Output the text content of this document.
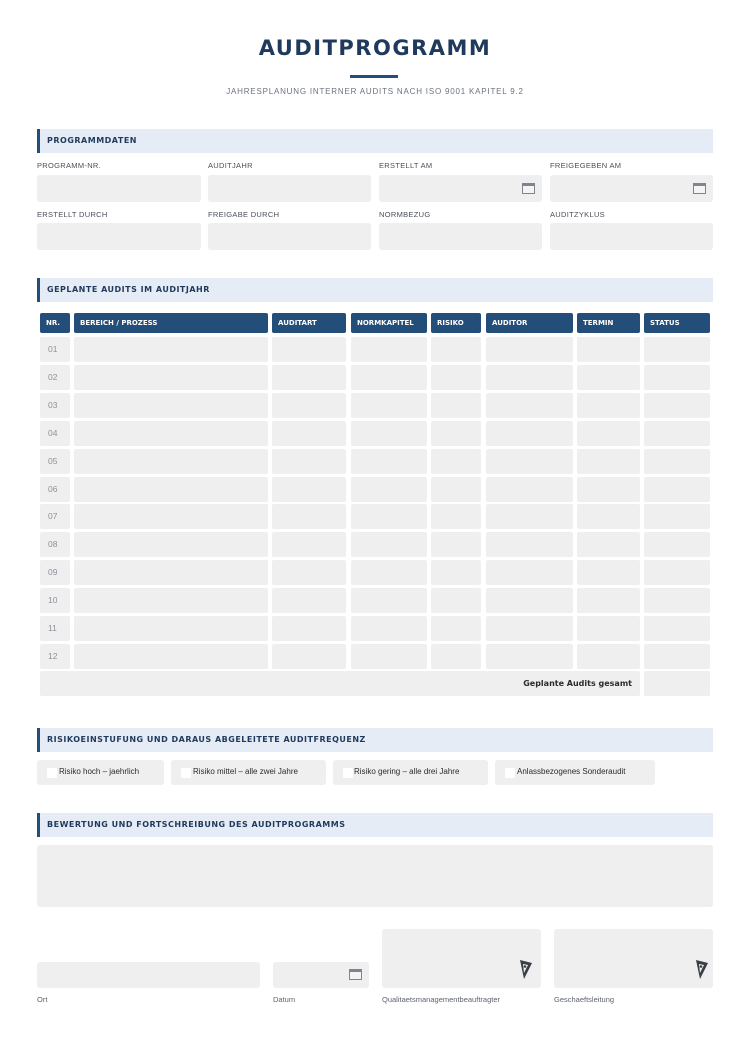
AUDITPROGRAMM
JAHRESPLANUNG INTERNER AUDITS NACH ISO 9001 KAPITEL 9.2
PROGRAMMDATEN
PROGRAMM-NR.	AUDITJAHR	ERSTELLT AM	FREIGEGEBEN AM
ERSTELLT DURCH	FREIGABE DURCH	NORMBEZUG	AUDITZYKLUS
GEPLANTE AUDITS IM AUDITJAHR
NR.	BEREICH / PROZESS	AUDITART	NORMKAPITEL	RISIKO	AUDITOR	TERMIN	STATUS
01
02
03
04
05
06
07
08
09
10
11
12
Geplante Audits gesamt
RISIKOEINSTUFUNG UND DARAUS ABGELEITETE AUDITFREQUENZ
Risiko hoch – jaehrlich	Risiko mittel – alle zwei Jahre	Risiko gering – alle drei Jahre	Anlassbezogenes Sonderaudit
BEWERTUNG UND FORTSCHREIBUNG DES AUDITPROGRAMMS
Ort	Datum	Qualitaetsmanagementbeauftragter	Geschaeftsleitung
